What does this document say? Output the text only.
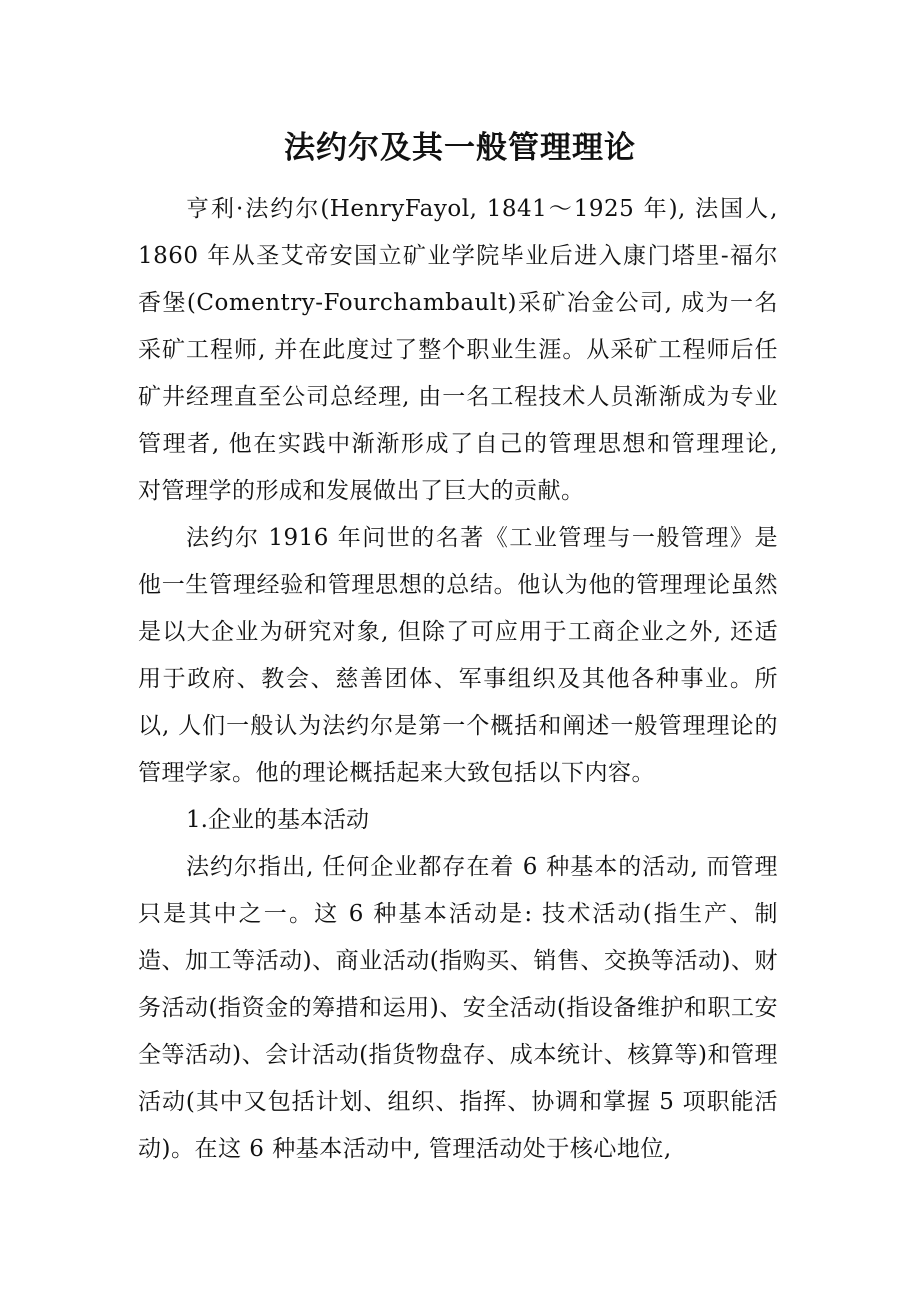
法约尔及其一般管理理论

亨利·法约尔(HenryFayol, 1841～1925 年), 法国人, 1860 年从圣艾帝安国立矿业学院毕业后进入康门塔里-福尔香堡(Comentry-Fourchambault)采矿冶金公司, 成为一名采矿工程师, 并在此度过了整个职业生涯。从采矿工程师后任矿井经理直至公司总经理, 由一名工程技术人员渐渐成为专业管理者, 他在实践中渐渐形成了自己的管理思想和管理理论, 对管理学的形成和发展做出了巨大的贡献。

法约尔 1916 年问世的名著《工业管理与一般管理》是他一生管理经验和管理思想的总结。他认为他的管理理论虽然是以大企业为研究对象, 但除了可应用于工商企业之外, 还适用于政府、教会、慈善团体、军事组织及其他各种事业。所以, 人们一般认为法约尔是第一个概括和阐述一般管理理论的管理学家。他的理论概括起来大致包括以下内容。

1.企业的基本活动

法约尔指出, 任何企业都存在着 6 种基本的活动, 而管理只是其中之一。这 6 种基本活动是: 技术活动(指生产、制造、加工等活动)、商业活动(指购买、销售、交换等活动)、财务活动(指资金的筹措和运用)、安全活动(指设备维护和职工安全等活动)、会计活动(指货物盘存、成本统计、核算等)和管理活动(其中又包括计划、组织、指挥、协调和掌握 5 项职能活动)。在这 6 种基本活动中, 管理活动处于核心地位,
